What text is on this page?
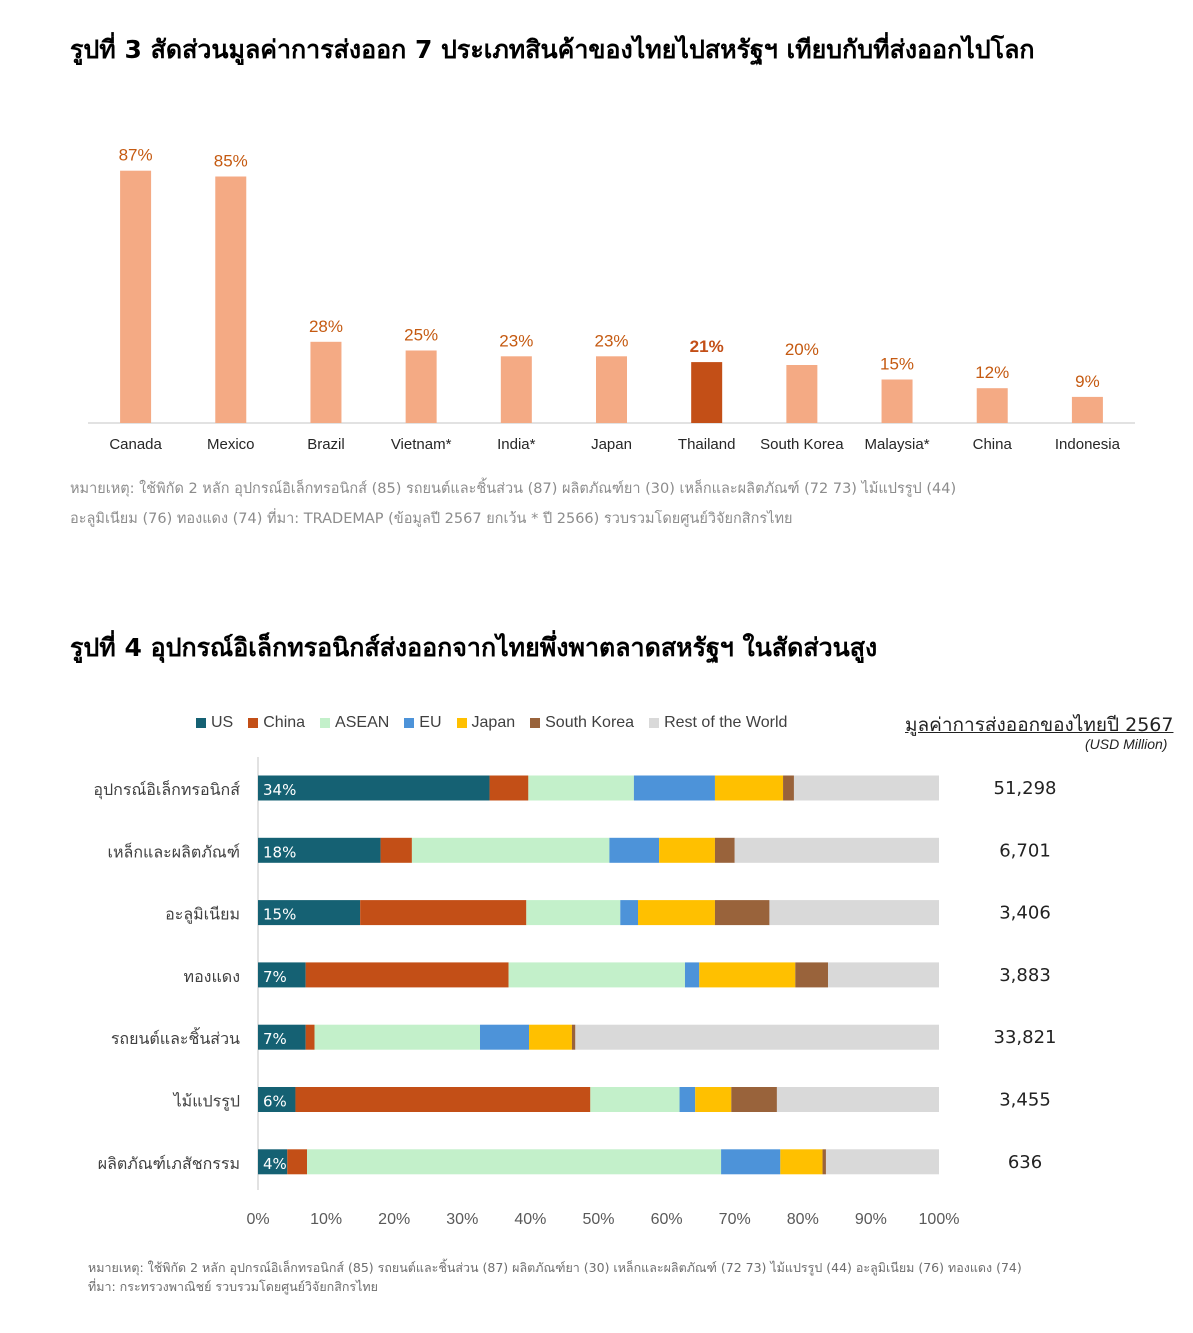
รูปที่ 3 สัดส่วนมูลค่าการส่งออก 7 ประเภทสินค้าของไทยไปสหรัฐฯ เทียบกับที่ส่งออกไปโลก
87%
Canada
85%
Mexico
28%
Brazil
25%
Vietnam*
23%
India*
23%
Japan
21%
Thailand
20%
South Korea
15%
Malaysia*
12%
China
9%
Indonesia
หมายเหตุ: ใช้พิกัด 2 หลัก อุปกรณ์อิเล็กทรอนิกส์ (85) รถยนต์และชิ้นส่วน (87) ผลิตภัณฑ์ยา (30) เหล็กและผลิตภัณฑ์ (72 73) ไม้แปรรูป (44)
อะลูมิเนียม (76) ทองแดง (74) ที่มา: TRADEMAP (ข้อมูลปี 2567 ยกเว้น * ปี 2566) รวบรวมโดยศูนย์วิจัยกสิกรไทย
รูปที่ 4 อุปกรณ์อิเล็กทรอนิกส์ส่งออกจากไทยพึ่งพาตลาดสหรัฐฯ ในสัดส่วนสูง
US China ASEAN EU Japan South Korea Rest of the World	มูลค่าการส่งออกของไทยปี 2567
(USD Million)
34%
อุปกรณ์อิเล็กทรอนิกส์	51,298
18%
เหล็กและผลิตภัณฑ์	6,701
15%
อะลูมิเนียม	3,406
7%
ทองแดง	3,883
7%
รถยนต์และชิ้นส่วน	33,821
6%
ไม้แปรรูป	3,455
4%
ผลิตภัณฑ์เภสัชกรรม	636
0%	10% 20% 30% 40% 50% 60% 70% 80% 90% 100%
หมายเหตุ: ใช้พิกัด 2 หลัก อุปกรณ์อิเล็กทรอนิกส์ (85) รถยนต์และชิ้นส่วน (87) ผลิตภัณฑ์ยา (30) เหล็กและผลิตภัณฑ์ (72 73) ไม้แปรรูป (44) อะลูมิเนียม (76) ทองแดง (74)
ที่มา: กระทรวงพาณิชย์ รวบรวมโดยศูนย์วิจัยกสิกรไทย
